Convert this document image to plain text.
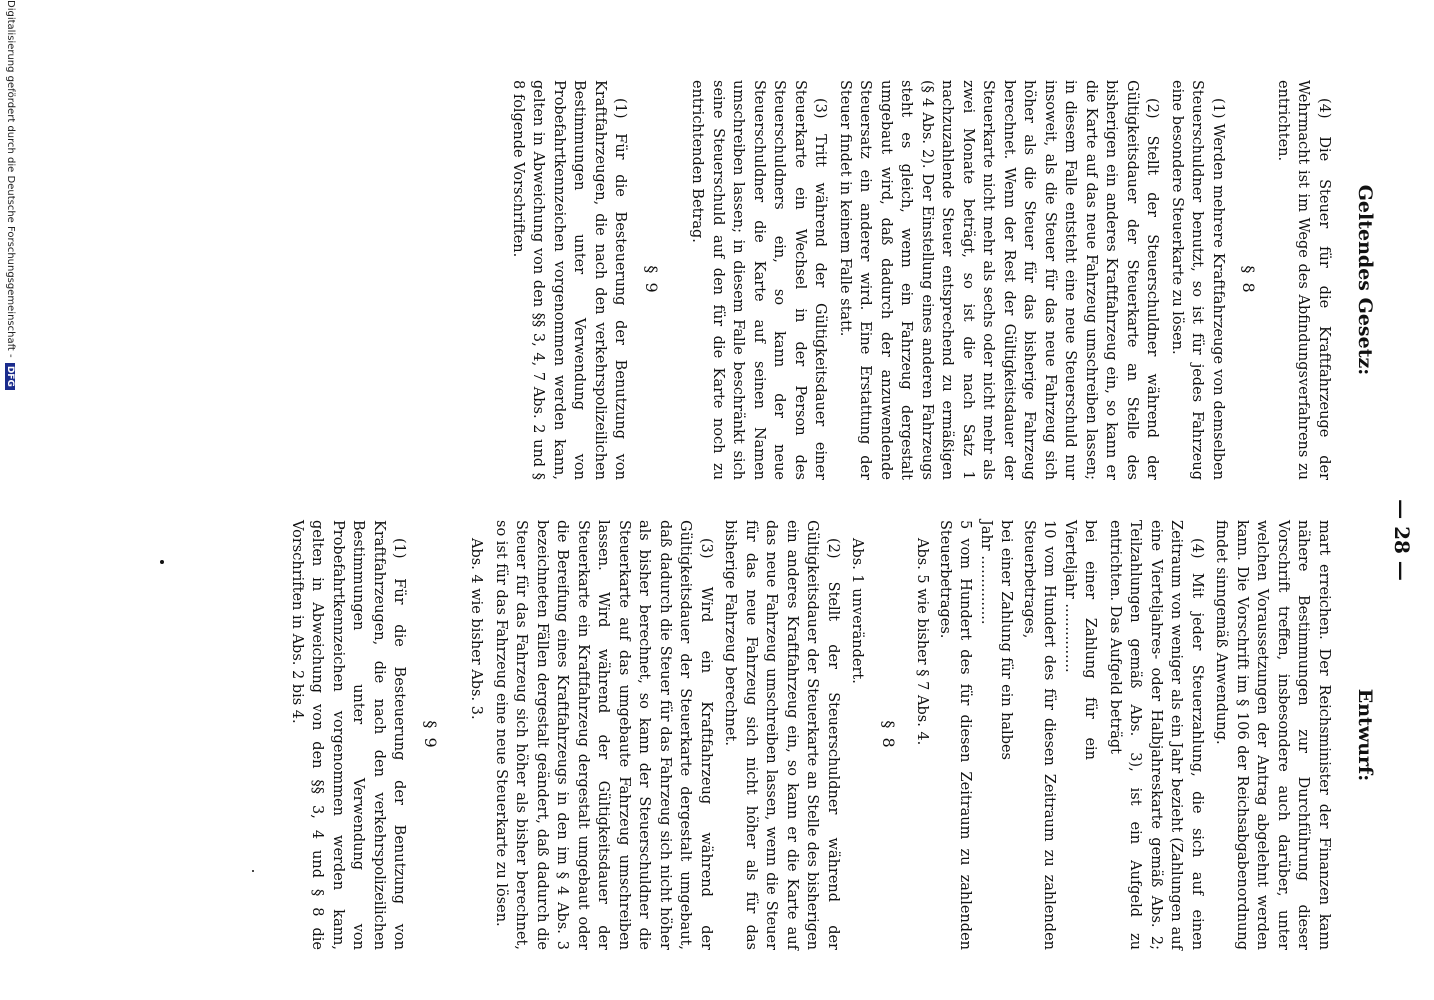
— 28 —
Geltendes Gesetz:
Entwurf:

(4) Die Steuer für die Kraftfahrzeuge der Wehrmacht ist im Wege des Abfindungsverfahrens zu entrichten.

§ 8

(1) Werden mehrere Kraftfahrzeuge von demselben Steuerschuldner benutzt, so ist für jedes Fahrzeug eine besondere Steuerkarte zu lösen.

(2) Stellt der Steuerschuldner während der Gültigkeitsdauer der Steuerkarte an Stelle des bisherigen ein anderes Kraftfahrzeug ein, so kann er die Karte auf das neue Fahrzeug umschreiben lassen; in diesem Falle entsteht eine neue Steuerschuld nur insoweit, als die Steuer für das neue Fahrzeug sich höher als die Steuer für das bisherige Fahrzeug berechnet. Wenn der Rest der Gültigkeitsdauer der Steuerkarte nicht mehr als sechs oder nicht mehr als zwei Monate beträgt, so ist die nach Satz 1 nachzuzahlende Steuer entsprechend zu ermäßigen (§ 4 Abs. 2). Der Einstellung eines anderen Fahrzeugs steht es gleich, wenn ein Fahrzeug dergestalt umgebaut wird, daß dadurch der anzuwendende Steuersatz ein anderer wird. Eine Erstattung der Steuer findet in keinem Falle statt.

(3) Tritt während der Gültigkeitsdauer einer Steuerkarte ein Wechsel in der Person des Steuerschuldners ein, so kann der neue Steuerschuldner die Karte auf seinen Namen umschreiben lassen; in diesem Falle beschränkt sich seine Steuerschuld auf den für die Karte noch zu entrichtenden Betrag.

§ 9

(1) Für die Besteuerung der Benutzung von Kraftfahrzeugen, die nach den verkehrspolizeilichen Bestimmungen unter Verwendung von Probefahrtkennzeichen vorgenommen werden kann, gelten in Abweichung von den §§ 3, 4, 7 Abs. 2 und § 8 folgende Vorschriften.

mart erreichen. Der Reichsminister der Finanzen kann nähere Bestimmungen zur Durchführung dieser Vorschrift treffen, insbesondere auch darüber, unter welchen Voraussetzungen der Antrag abgelehnt werden kann. Die Vorschrift im § 106 der Reichsabgabenordnung findet sinngemäß Anwendung.

(4) Mit jeder Steuerzahlung, die sich auf einen Zeitraum von weniger als ein Jahr bezieht (Zahlungen auf eine Vierteljahres- oder Halbjahreskarte gemäß Abs. 2; Teilzahlungen gemäß Abs. 3), ist ein Aufgeld zu entrichten. Das Aufgeld beträgt

bei einer Zahlung für ein Vierteljahr ............... 10 vom Hundert des für diesen Zeitraum zu zahlenden Steuerbetrages,
bei einer Zahlung für ein halbes Jahr ............... 5 vom Hundert des für diesen Zeitraum zu zahlenden Steuerbetrages.

Abs. 5 wie bisher § 7 Abs. 4.

§ 8

Abs. 1 unverändert.

(2) Stellt der Steuerschuldner während der Gültigkeitsdauer der Steuerkarte an Stelle des bisherigen ein anderes Kraftfahrzeug ein, so kann er die Karte auf das neue Fahrzeug umschreiben lassen, wenn die Steuer für das neue Fahrzeug sich nicht höher als für das bisherige Fahrzeug berechnet.

(3) Wird ein Kraftfahrzeug während der Gültigkeitsdauer der Steuerkarte dergestalt umgebaut, daß dadurch die Steuer für das Fahrzeug sich nicht höher als bisher berechnet, so kann der Steuerschuldner die Steuerkarte auf das umgebaute Fahrzeug umschreiben lassen. Wird während der Gültigkeitsdauer der Steuerkarte ein Kraftfahrzeug dergestalt umgebaut oder die Bereifung eines Kraftfahrzeugs in den im § 4 Abs. 3 bezeichneten Fällen dergestalt geändert, daß dadurch die Steuer für das Fahrzeug sich höher als bisher berechnet, so ist für das Fahrzeug eine neue Steuerkarte zu lösen.

Abs. 4 wie bisher Abs. 3.

§ 9

(1) Für die Besteuerung der Benutzung von Kraftfahrzeugen, die nach den verkehrspolizeilichen Bestimmungen unter Verwendung von Probefahrtkennzeichen vorgenommen werden kann, gelten in Abweichung von den §§ 3, 4 und § 8 die Vorschriften in Abs. 2 bis 4.

Digitalisierung gefördert durch die Deutsche Forschungsgemeinschaft - DFG
